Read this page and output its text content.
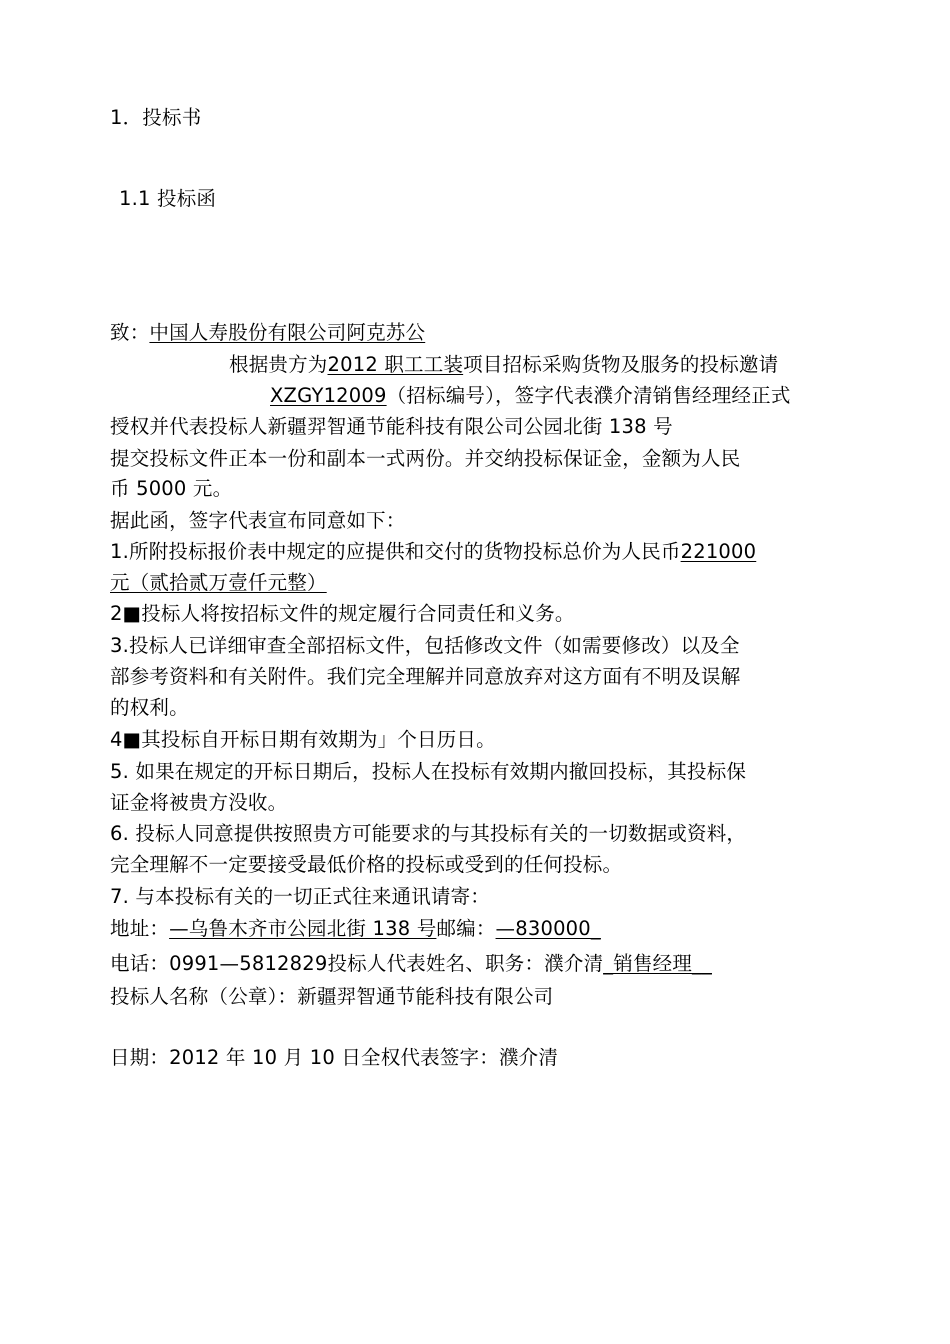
1．投标书
1.1 投标函
致：中国人寿股份有限公司阿克苏公
根据贵方为2012 职工工装项目招标采购货物及服务的投标邀请
XZGY12009（招标编号），签字代表濮介清销售经理经正式
授权并代表投标人新疆羿智通节能科技有限公司公园北街 138 号
提交投标文件正本一份和副本一式两份。并交纳投标保证金，金额为人民
币 5000 元。
据此函，签字代表宣布同意如下：
1.所附投标报价表中规定的应提供和交付的货物投标总价为人民币221000
元（贰拾贰万壹仟元整）
2■投标人将按招标文件的规定履行合同责任和义务。
3.投标人已详细审查全部招标文件，包括修改文件（如需要修改）以及全
部参考资料和有关附件。我们完全理解并同意放弃对这方面有不明及误解
的权利。
4■其投标自开标日期有效期为」个日历日。
5. 如果在规定的开标日期后，投标人在投标有效期内撤回投标，其投标保
证金将被贵方没收。
6. 投标人同意提供按照贵方可能要求的与其投标有关的一切数据或资料，
完全理解不一定要接受最低价格的投标或受到的任何投标。
7. 与本投标有关的一切正式往来通讯请寄：
地址：—乌鲁木齐市公园北街 138 号邮编：—830000_
电话：0991—5812829投标人代表姓名、职务：濮介清_销售经理__
投标人名称（公章）：新疆羿智通节能科技有限公司
日期：2012 年 10 月 10 日全权代表签字：濮介清
